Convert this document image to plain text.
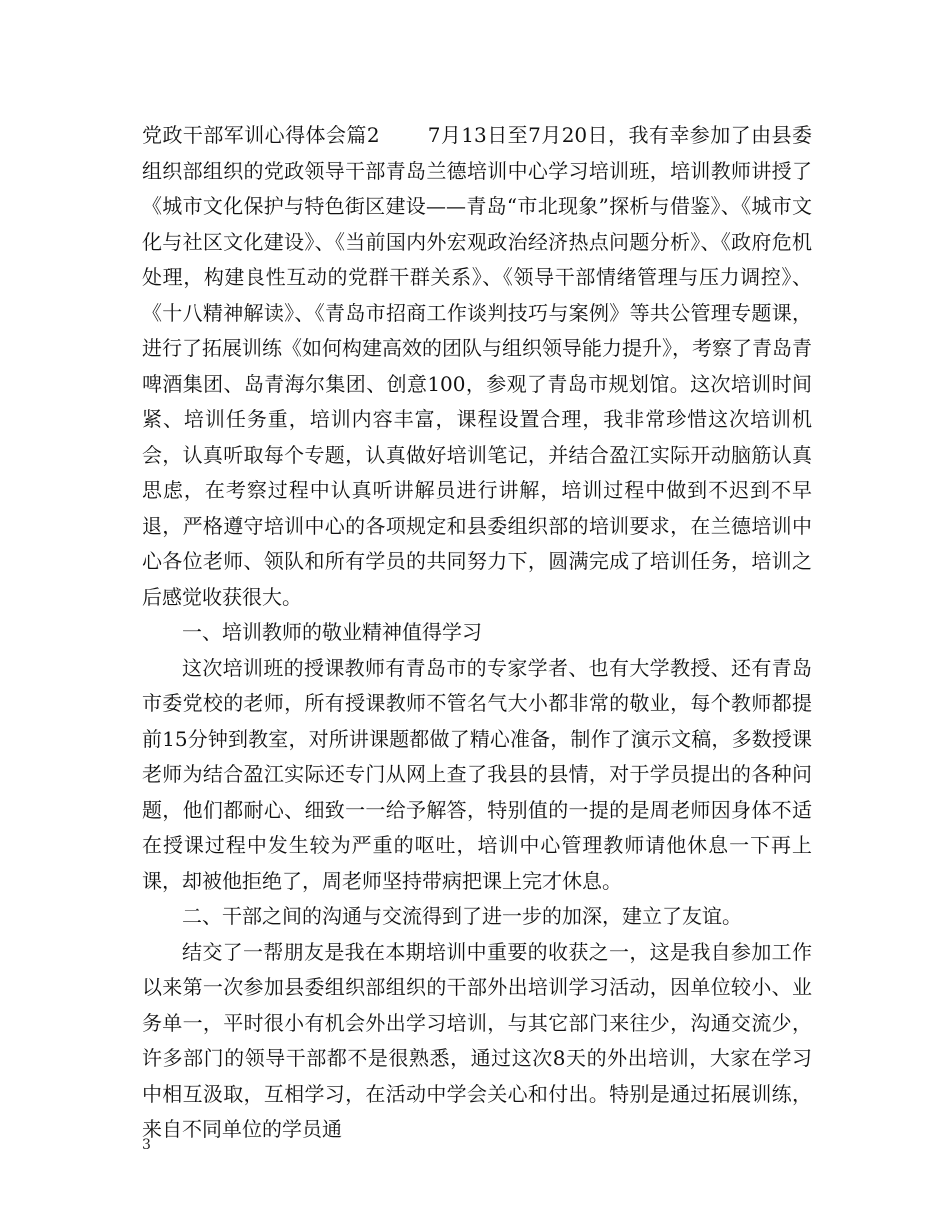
党政干部军训心得体会篇2　　 7月13日至7月20日，我有幸参加了由县委组织部组织的党政领导干部青岛兰德培训中心学习培训班，培训教师讲授了《城市文化保护与特色街区建设——青岛“市北现象”探析与借鉴》、《城市文化与社区文化建设》、《当前国内外宏观政治经济热点问题分析》、《政府危机处理，构建良性互动的党群干群关系》、《领导干部情绪管理与压力调控》、《十八精神解读》、《青岛市招商工作谈判技巧与案例》等共公管理专题课，进行了拓展训练《如何构建高效的团队与组织领导能力提升》，考察了青岛青啤酒集团、岛青海尔集团、创意100，参观了青岛市规划馆。这次培训时间紧、培训任务重，培训内容丰富，课程设置合理，我非常珍惜这次培训机会，认真听取每个专题，认真做好培训笔记，并结合盈江实际开动脑筋认真思虑，在考察过程中认真听讲解员进行讲解，培训过程中做到不迟到不早退，严格遵守培训中心的各项规定和县委组织部的培训要求，在兰德培训中心各位老师、领队和所有学员的共同努力下，圆满完成了培训任务，培训之后感觉收获很大。

一、培训教师的敬业精神值得学习

这次培训班的授课教师有青岛市的专家学者、也有大学教授、还有青岛市委党校的老师，所有授课教师不管名气大小都非常的敬业，每个教师都提前15分钟到教室，对所讲课题都做了精心准备，制作了演示文稿，多数授课老师为结合盈江实际还专门从网上查了我县的县情，对于学员提出的各种问题，他们都耐心、细致一一给予解答，特别值的一提的是周老师因身体不适在授课过程中发生较为严重的呕吐，培训中心管理教师请他休息一下再上课，却被他拒绝了，周老师坚持带病把课上完才休息。

二、干部之间的沟通与交流得到了进一步的加深，建立了友谊。

结交了一帮朋友是我在本期培训中重要的收获之一，这是我自参加工作以来第一次参加县委组织部组织的干部外出培训学习活动，因单位较小、业务单一，平时很小有机会外出学习培训，与其它部门来往少，沟通交流少，许多部门的领导干部都不是很熟悉，通过这次8天的外出培训，大家在学习中相互汲取，互相学习，在活动中学会关心和付出。特别是通过拓展训练，来自不同单位的学员通

3
